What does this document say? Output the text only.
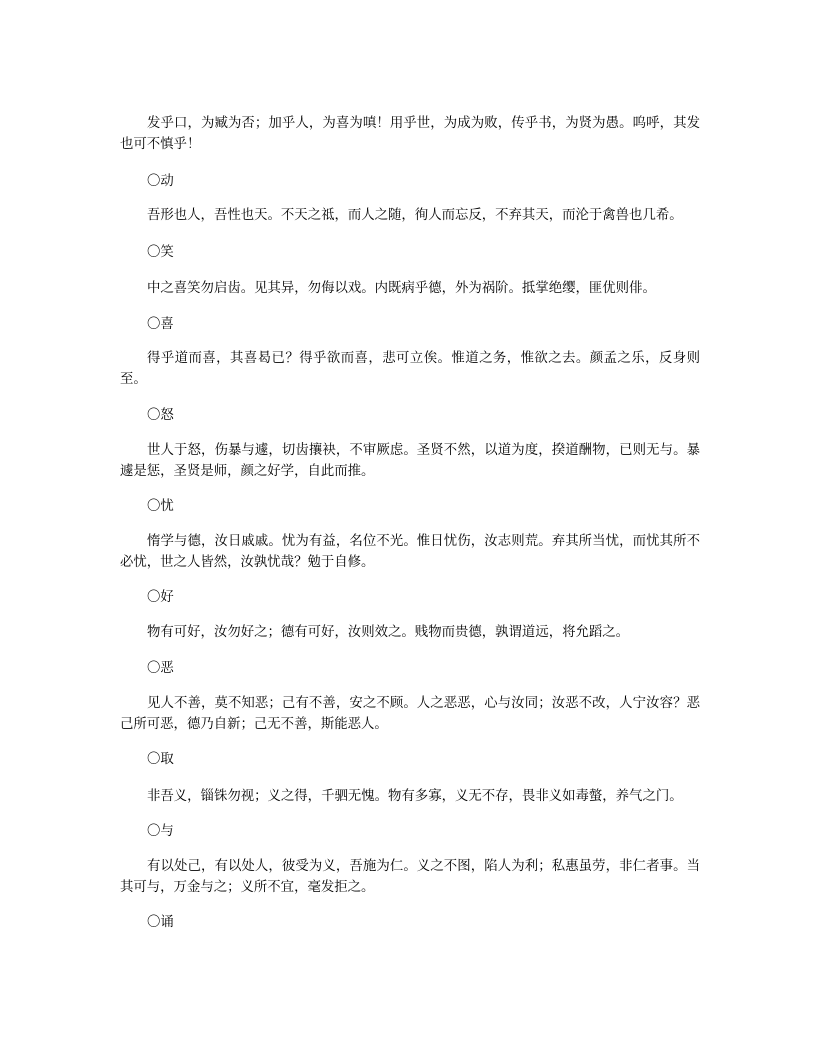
发乎口，为臧为否；加乎人，为喜为嗔！用乎世，为成为败，传乎书，为贤为愚。呜呼，其发也可不慎乎！

〇动

吾形也人，吾性也天。不天之祗，而人之随，徇人而忘反，不弃其天，而沦于禽兽也几希。

〇笑

中之喜笑勿启齿。见其异，勿侮以戏。内既病乎德，外为祸阶。抵掌绝缨，匪优则俳。

〇喜

得乎道而喜，其喜曷已？得乎欲而喜，悲可立俟。惟道之务，惟欲之去。颜孟之乐，反身则至。

〇怒

世人于怒，伤暴与遽，切齿攘袂，不审厥虑。圣贤不然，以道为度，揆道酬物，已则无与。暴遽是惩，圣贤是师，颜之好学，自此而推。

〇忧

惰学与德，汝日戚戚。忧为有益，名位不光。惟日忧伤，汝志则荒。弃其所当忧，而忧其所不必忧，世之人皆然，汝孰忧哉？勉于自修。

〇好

物有可好，汝勿好之；德有可好，汝则效之。贱物而贵德，孰谓道远，将允蹈之。

〇恶

见人不善，莫不知恶；己有不善，安之不顾。人之恶恶，心与汝同；汝恶不改，人宁汝容？恶己所可恶，德乃自新；己无不善，斯能恶人。

〇取

非吾义，锱铢勿视；义之得，千驷无愧。物有多寡，义无不存，畏非义如毒螫，养气之门。

〇与

有以处己，有以处人，彼受为义，吾施为仁。义之不图，陷人为利；私惠虽劳，非仁者事。当其可与，万金与之；义所不宜，毫发拒之。

〇诵
